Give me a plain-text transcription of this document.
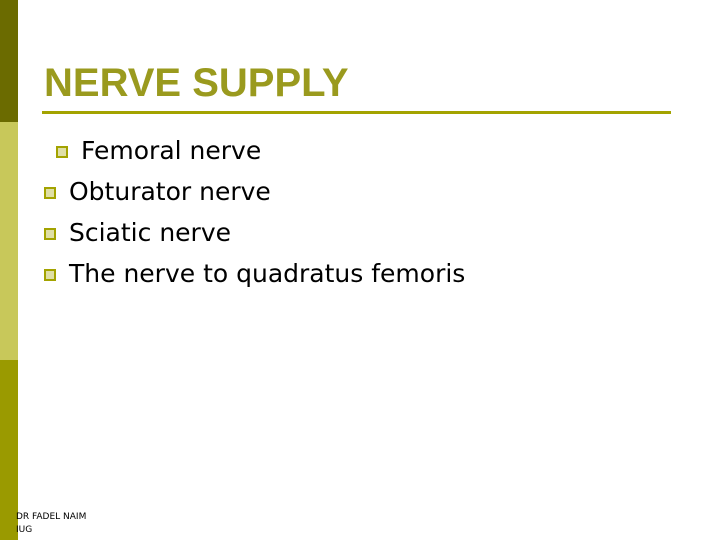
NERVE SUPPLY
Femoral nerve
Obturator nerve
Sciatic nerve
The nerve to quadratus femoris
DR FADEL NAIM
IUG
